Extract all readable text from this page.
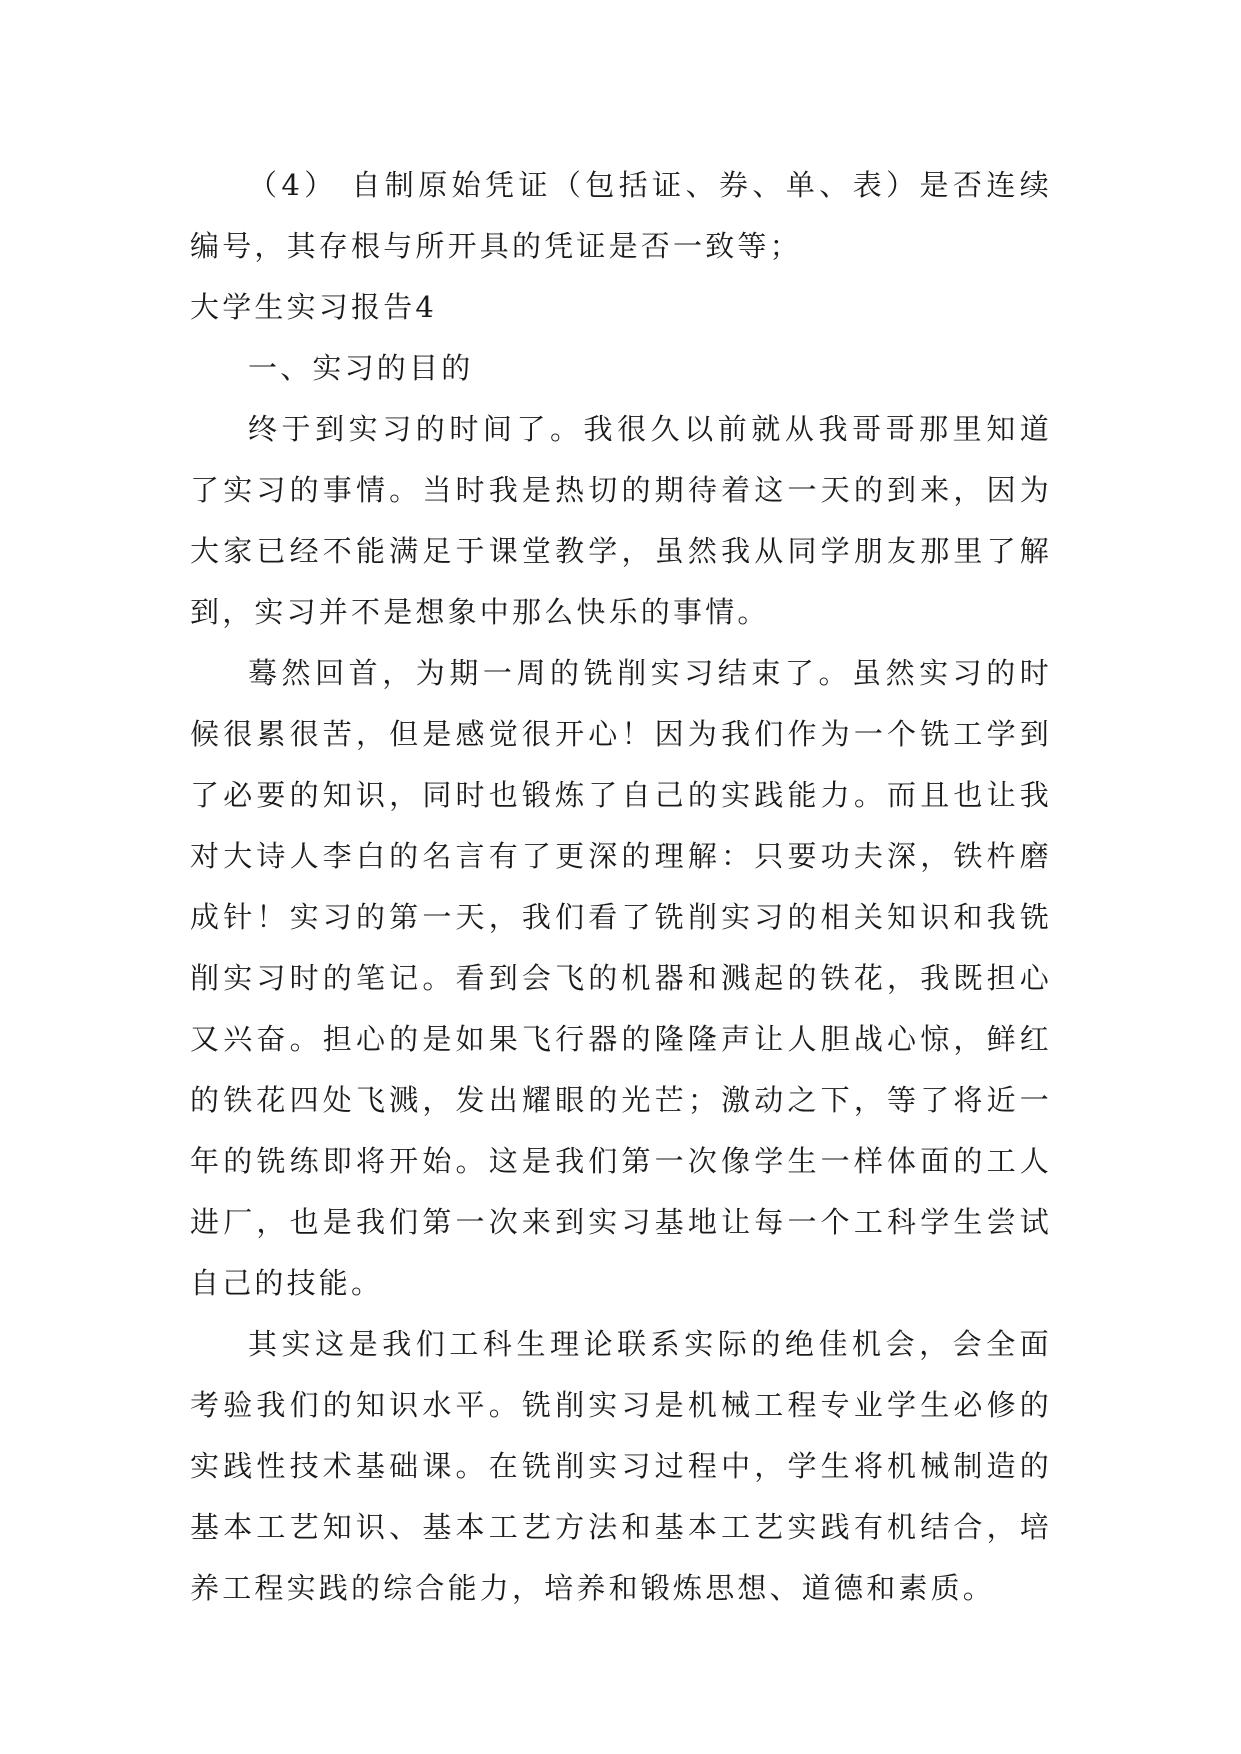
（4） 自制原始凭证（包括证、券、单、表）是否连续编号，其存根与所开具的凭证是否一致等；

大学生实习报告4

一、实习的目的

终于到实习的时间了。我很久以前就从我哥哥那里知道了实习的事情。当时我是热切的期待着这一天的到来，因为大家已经不能满足于课堂教学，虽然我从同学朋友那里了解到，实习并不是想象中那么快乐的事情。

蓦然回首，为期一周的铣削实习结束了。虽然实习的时候很累很苦，但是感觉很开心！因为我们作为一个铣工学到了必要的知识，同时也锻炼了自己的实践能力。而且也让我对大诗人李白的名言有了更深的理解：只要功夫深，铁杵磨成针！实习的第一天，我们看了铣削实习的相关知识和我铣削实习时的笔记。看到会飞的机器和溅起的铁花，我既担心又兴奋。担心的是如果飞行器的隆隆声让人胆战心惊，鲜红的铁花四处飞溅，发出耀眼的光芒；激动之下，等了将近一年的铣练即将开始。这是我们第一次像学生一样体面的工人进厂，也是我们第一次来到实习基地让每一个工科学生尝试自己的技能。

其实这是我们工科生理论联系实际的绝佳机会，会全面考验我们的知识水平。铣削实习是机械工程专业学生必修的实践性技术基础课。在铣削实习过程中，学生将机械制造的基本工艺知识、基本工艺方法和基本工艺实践有机结合，培养工程实践的综合能力，培养和锻炼思想、道德和素质。
